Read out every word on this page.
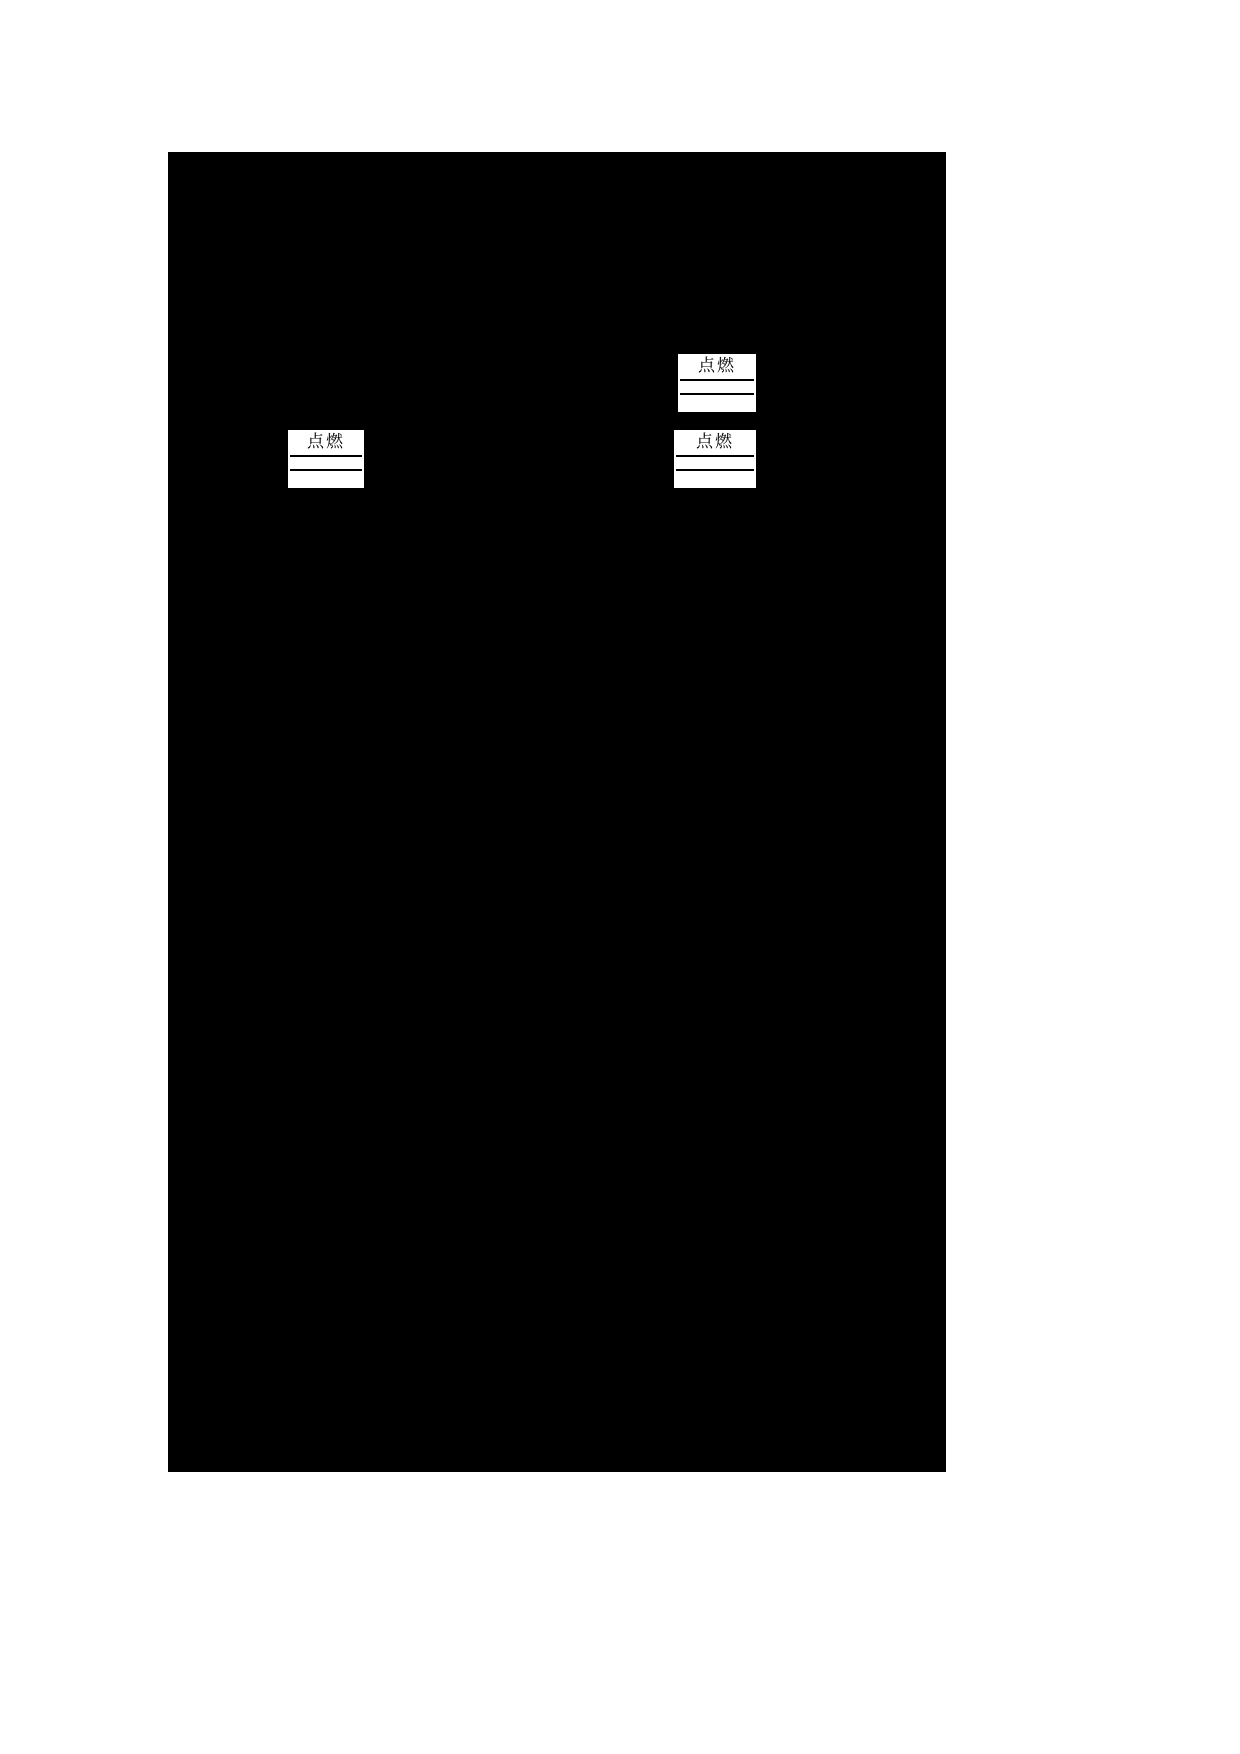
点燃
点燃
点燃
